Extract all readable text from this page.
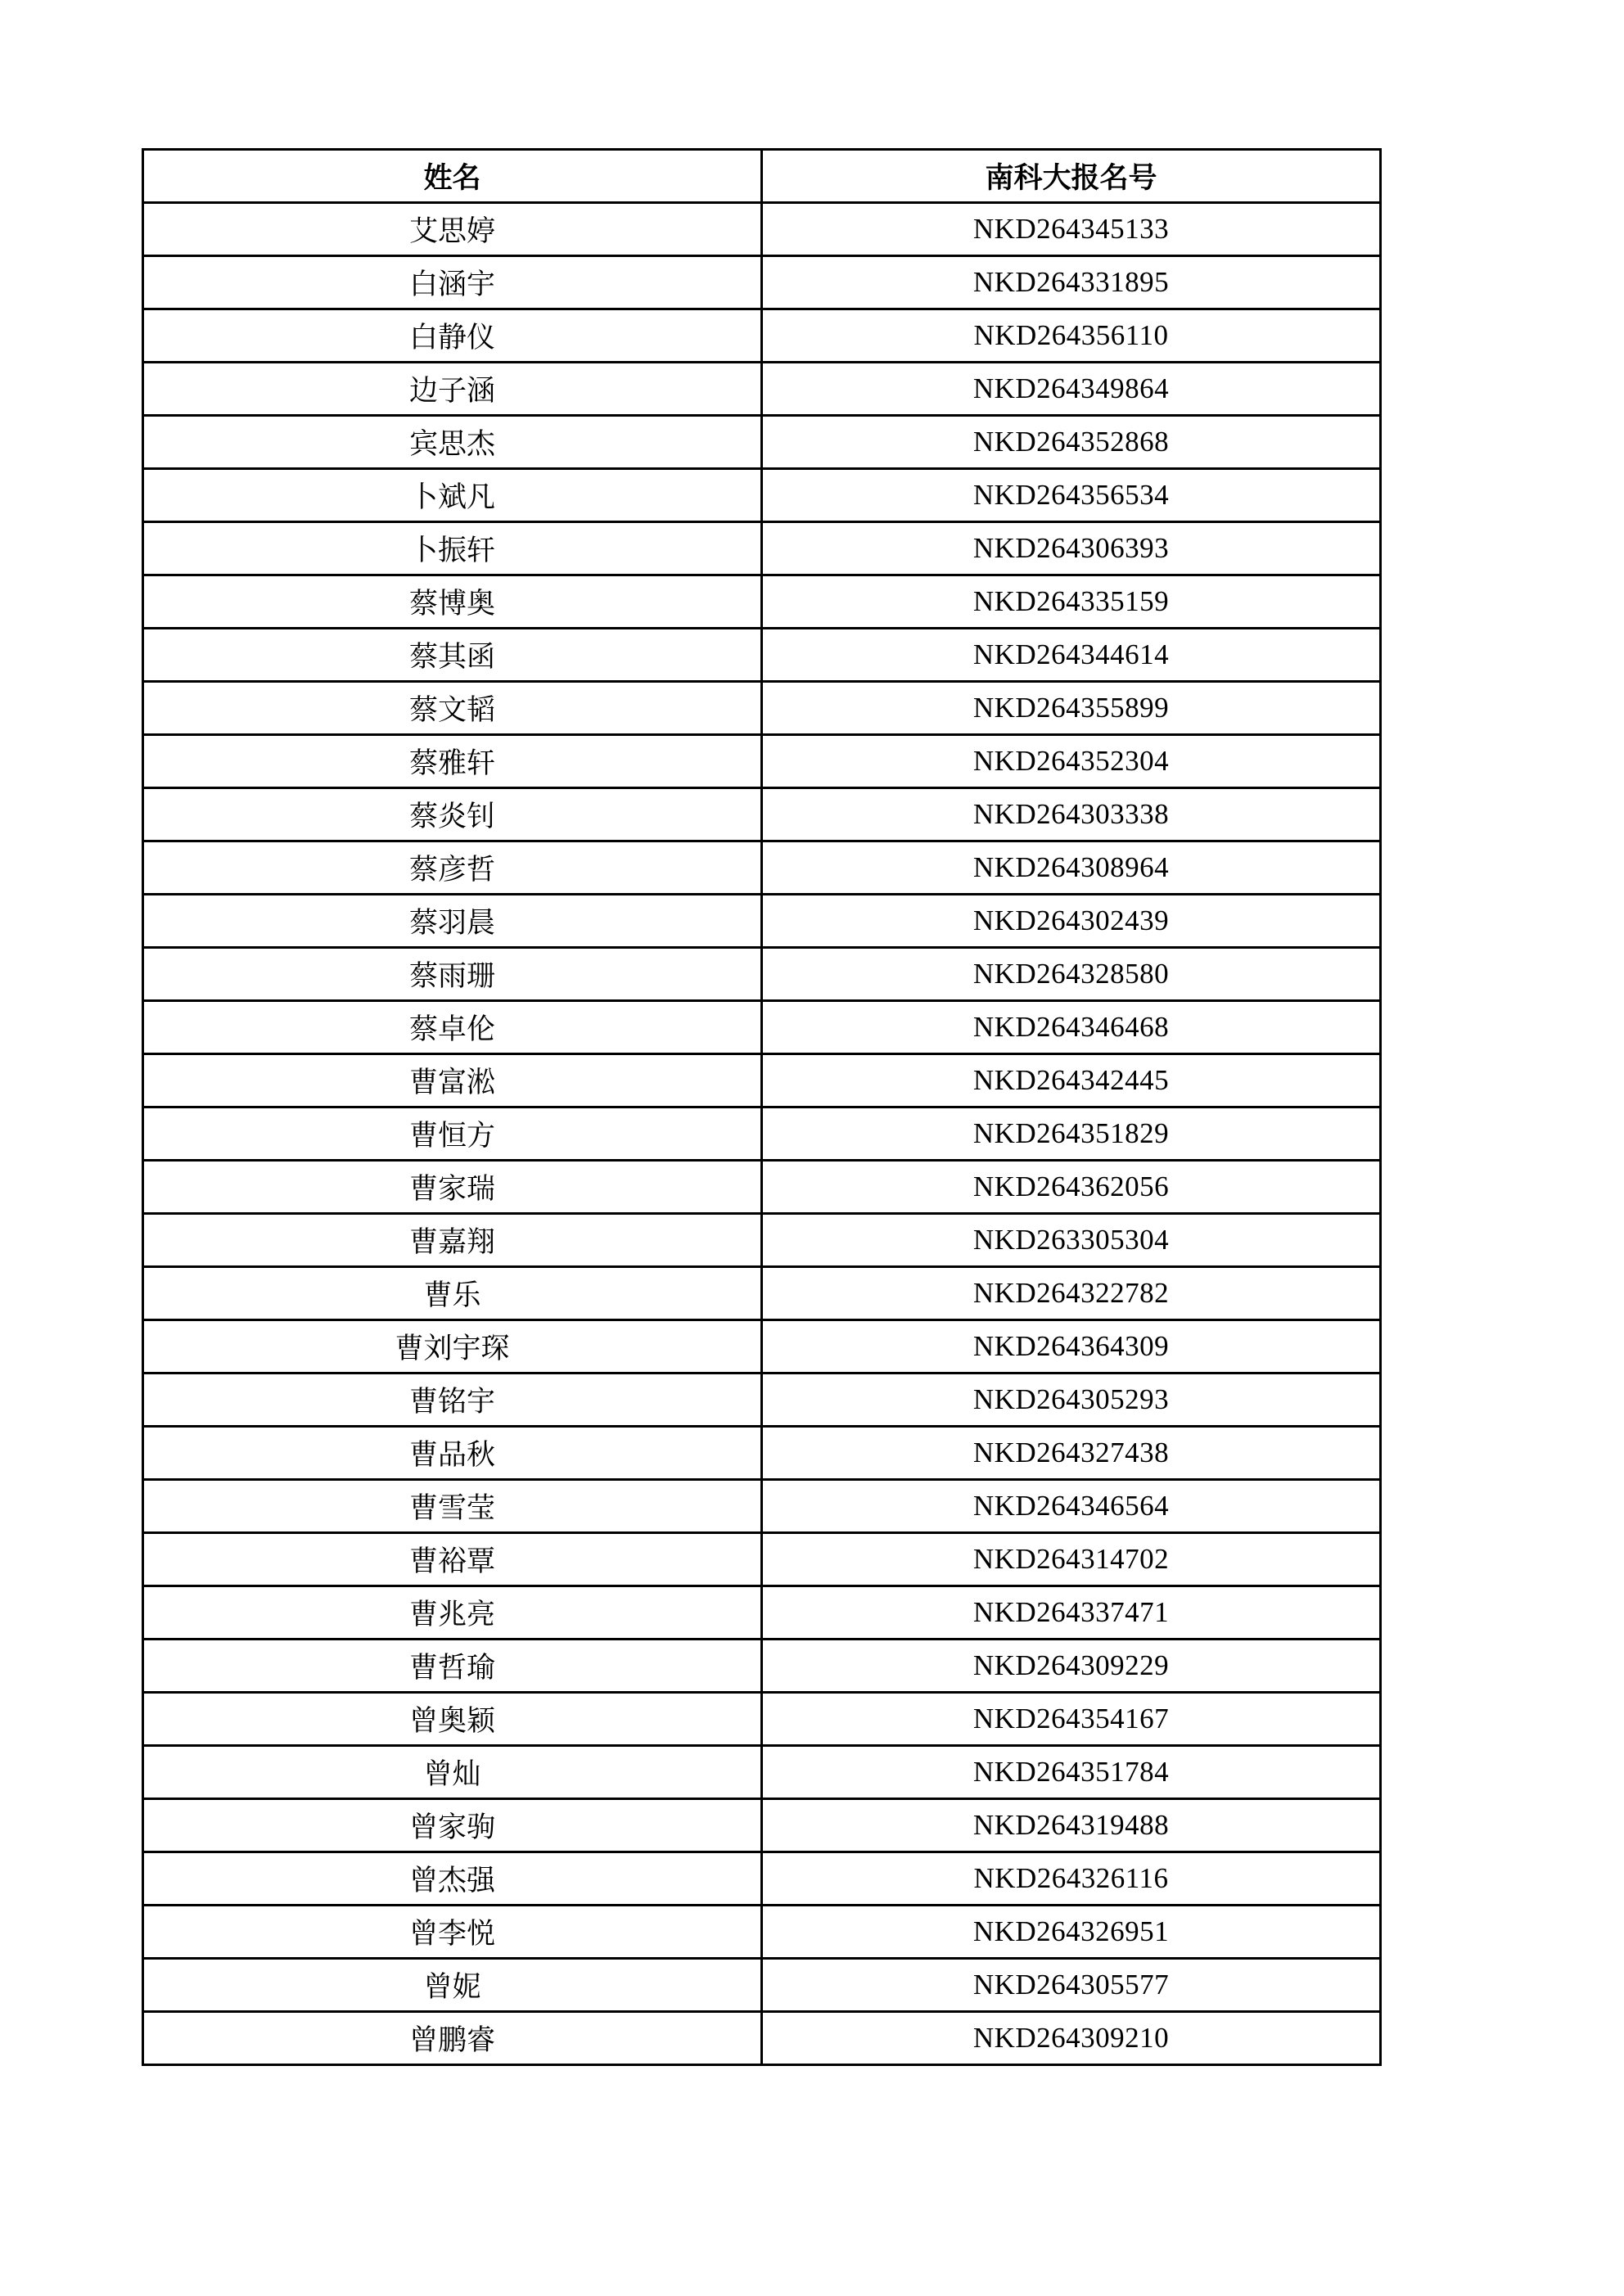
姓名	南科大报名号
艾思婷	NKD264345133
白涵宇	NKD264331895
白静仪	NKD264356110
边子涵	NKD264349864
宾思杰	NKD264352868
卜斌凡	NKD264356534
卜振轩	NKD264306393
蔡博奥	NKD264335159
蔡其函	NKD264344614
蔡文韬	NKD264355899
蔡雅轩	NKD264352304
蔡炎钊	NKD264303338
蔡彦哲	NKD264308964
蔡羽晨	NKD264302439
蔡雨珊	NKD264328580
蔡卓伦	NKD264346468
曹富淞	NKD264342445
曹恒方	NKD264351829
曹家瑞	NKD264362056
曹嘉翔	NKD263305304
曹乐	NKD264322782
曹刘宇琛	NKD264364309
曹铭宇	NKD264305293
曹品秋	NKD264327438
曹雪莹	NKD264346564
曹裕覃	NKD264314702
曹兆亮	NKD264337471
曹哲瑜	NKD264309229
曾奥颖	NKD264354167
曾灿	NKD264351784
曾家驹	NKD264319488
曾杰强	NKD264326116
曾李悦	NKD264326951
曾妮	NKD264305577
曾鹏睿	NKD264309210
